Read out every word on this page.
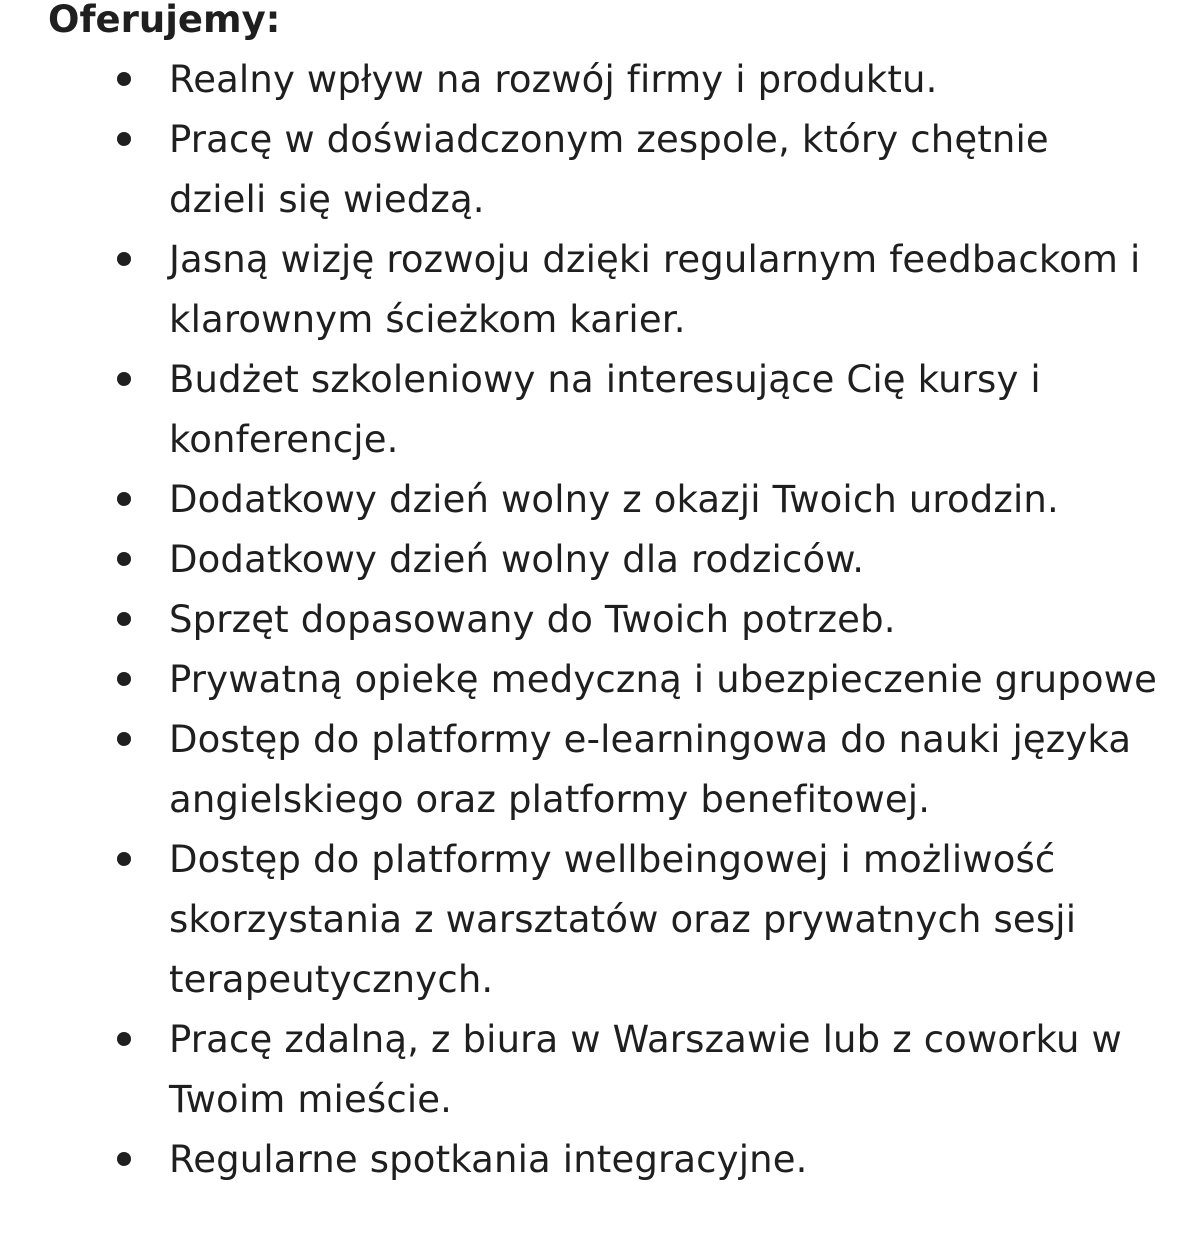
Oferujemy:
Realny wpływ na rozwój firmy i produktu.
Pracę w doświadczonym zespole, który chętnie dzieli się wiedzą.
Jasną wizję rozwoju dzięki regularnym feedbackom i klarownym ścieżkom karier.
Budżet szkoleniowy na interesujące Cię kursy i konferencje.
Dodatkowy dzień wolny z okazji Twoich urodzin.
Dodatkowy dzień wolny dla rodziców.
Sprzęt dopasowany do Twoich potrzeb.
Prywatną opiekę medyczną i ubezpieczenie grupowe
Dostęp do platformy e-learningowa do nauki języka angielskiego oraz platformy benefitowej.
Dostęp do platformy wellbeingowej i możliwość skorzystania z warsztatów oraz prywatnych sesji terapeutycznych.
Pracę zdalną, z biura w Warszawie lub z coworku w Twoim mieście.
Regularne spotkania integracyjne.
